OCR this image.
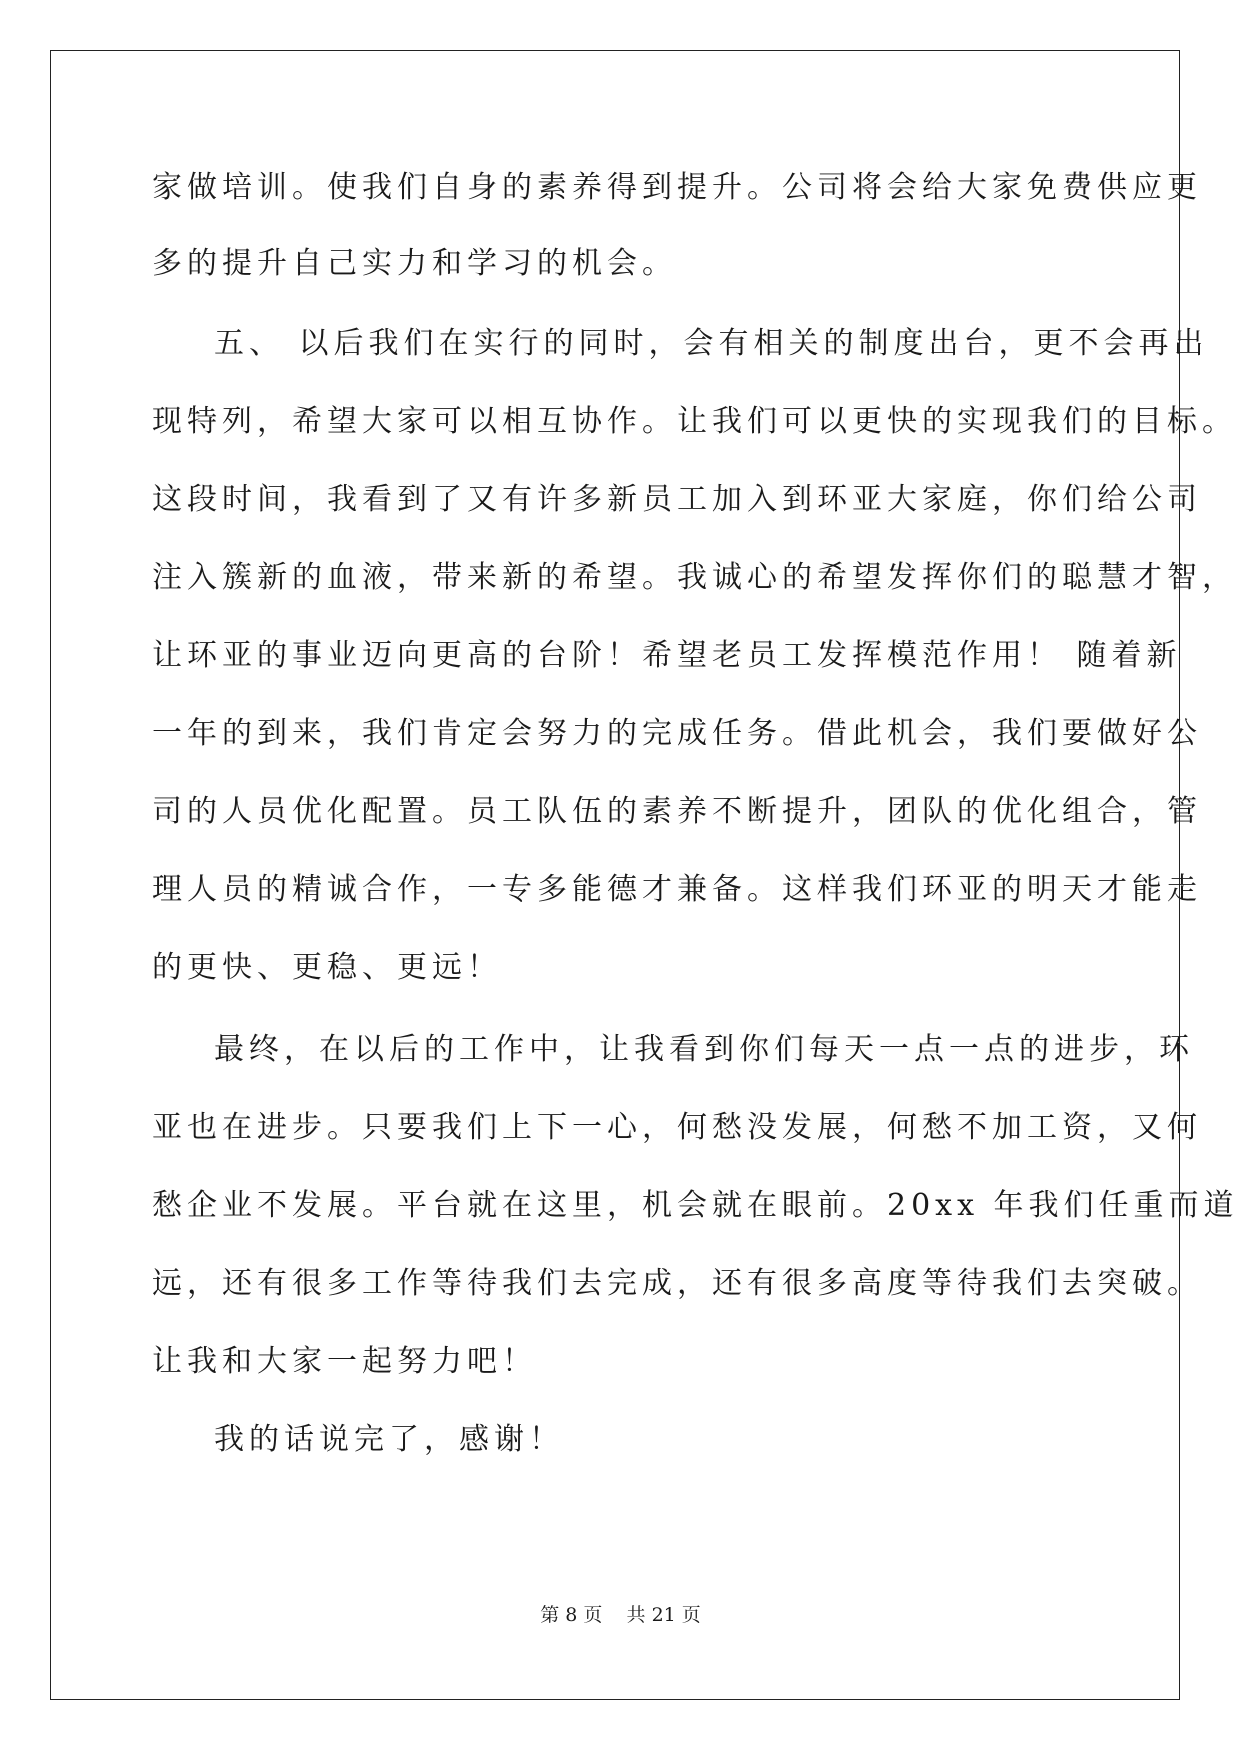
家做培训。使我们自身的素养得到提升。公司将会给大家免费供应更
多的提升自己实力和学习的机会。
五、 以后我们在实行的同时，会有相关的制度出台，更不会再出
现特列，希望大家可以相互协作。让我们可以更快的实现我们的目标。
这段时间，我看到了又有许多新员工加入到环亚大家庭，你们给公司
注入簇新的血液，带来新的希望。我诚心的希望发挥你们的聪慧才智，
让环亚的事业迈向更高的台阶！希望老员工发挥模范作用！ 随着新
一年的到来，我们肯定会努力的完成任务。借此机会，我们要做好公
司的人员优化配置。员工队伍的素养不断提升，团队的优化组合，管
理人员的精诚合作，一专多能德才兼备。这样我们环亚的明天才能走
的更快、更稳、更远！
最终，在以后的工作中，让我看到你们每天一点一点的进步，环
亚也在进步。只要我们上下一心，何愁没发展，何愁不加工资，又何
愁企业不发展。平台就在这里，机会就在眼前。20xx 年我们任重而道
远，还有很多工作等待我们去完成，还有很多高度等待我们去突破。
让我和大家一起努力吧！
我的话说完了，感谢！
第 8 页    共 21 页
